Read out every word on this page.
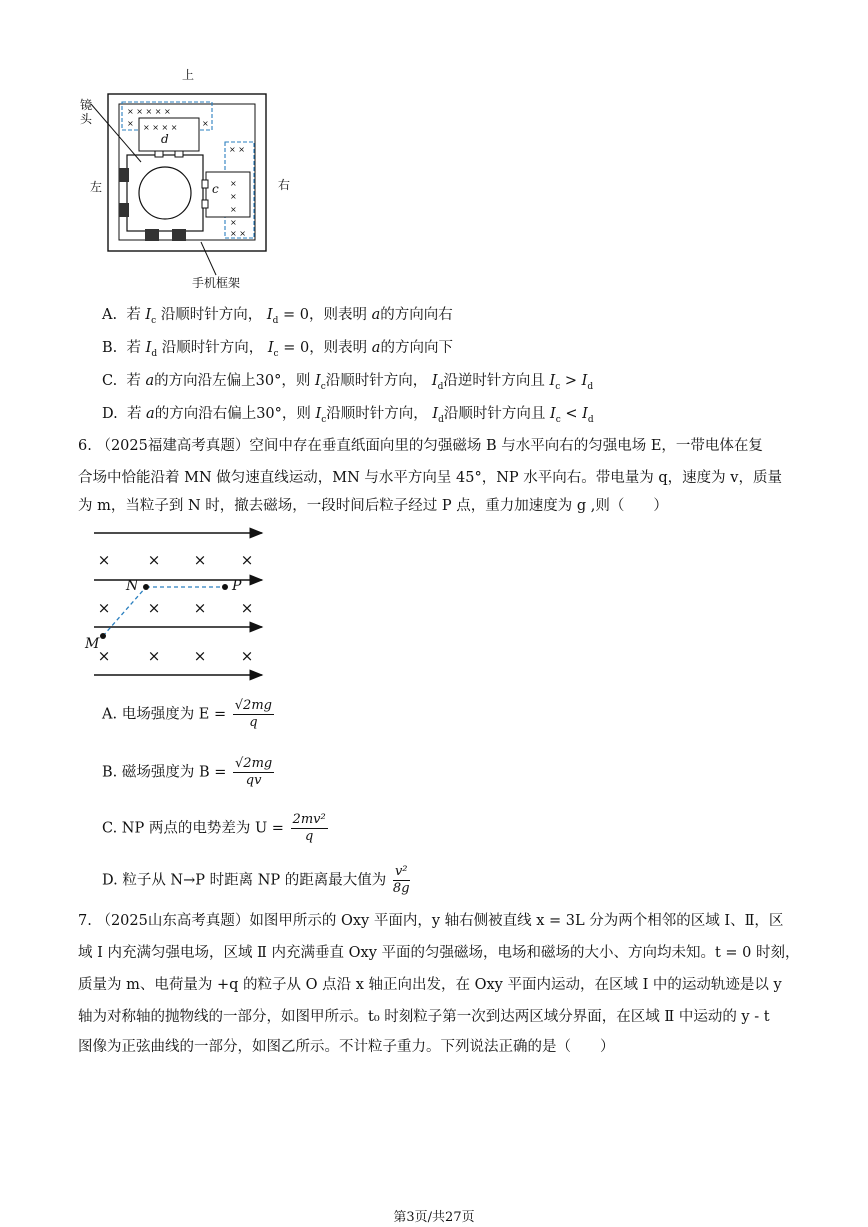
× × × × ×
×	×
× × × ×
× ×
×
×
×
×
× ×
上
镜
头
左	右
d
c
手机框架
A. 若 $I_c$ 沿顺时针方向， $I_d = 0$，则表明 a的方向向右
B. 若 $I_d$ 沿顺时针方向， $I_c = 0$，则表明 a的方向向下
C. 若 a的方向沿左偏上30°，则 $I_c$沿顺时针方向， $I_d$沿逆时针方向且 $I_c > I_d$
D. 若 a的方向沿右偏上30°，则 $I_c$沿顺时针方向， $I_d$沿顺时针方向且 $I_c < I_d$
6. （2025福建高考真题）空间中存在垂直纸面向里的匀强磁场 B 与水平向右的匀强电场 E，一带电体在复
合场中恰能沿着 MN 做匀速直线运动，MN 与水平方向呈 45°，NP 水平向右。带电量为 q，速度为 v，质量
为 m，当粒子到 N 时，撤去磁场，一段时间后粒子经过 P 点，重力加速度为 g ,则（　　）
× × × ×
× × × ×
× × × ×
N	P
M
A. 电场强度为 $E = \frac{√2mg}{q}$
B. 磁场强度为 $B = \frac{√2mg}{qv}$
C. NP 两点的电势差为 $U = \frac{\text{2mv²}}{q}$
D. 粒子从 N→P 时距离 NP 的距离最大值为 $\frac{\text{v²}}{8g}$
7. （2025山东高考真题）如图甲所示的 Oxy 平面内，y 轴右侧被直线 x = 3L 分为两个相邻的区域 Ⅰ、Ⅱ，区
域 Ⅰ 内充满匀强电场，区域 Ⅱ 内充满垂直 Oxy 平面的匀强磁场，电场和磁场的大小、方向均未知。t = 0 时刻，
质量为 m、电荷量为 +q 的粒子从 O 点沿 x 轴正向出发，在 Oxy 平面内运动，在区域 Ⅰ 中的运动轨迹是以 y
轴为对称轴的抛物线的一部分，如图甲所示。t₀ 时刻粒子第一次到达两区域分界面，在区域 Ⅱ 中运动的 y - t
图像为正弦曲线的一部分，如图乙所示。不计粒子重力。下列说法正确的是（　　）
第3页/共27页
